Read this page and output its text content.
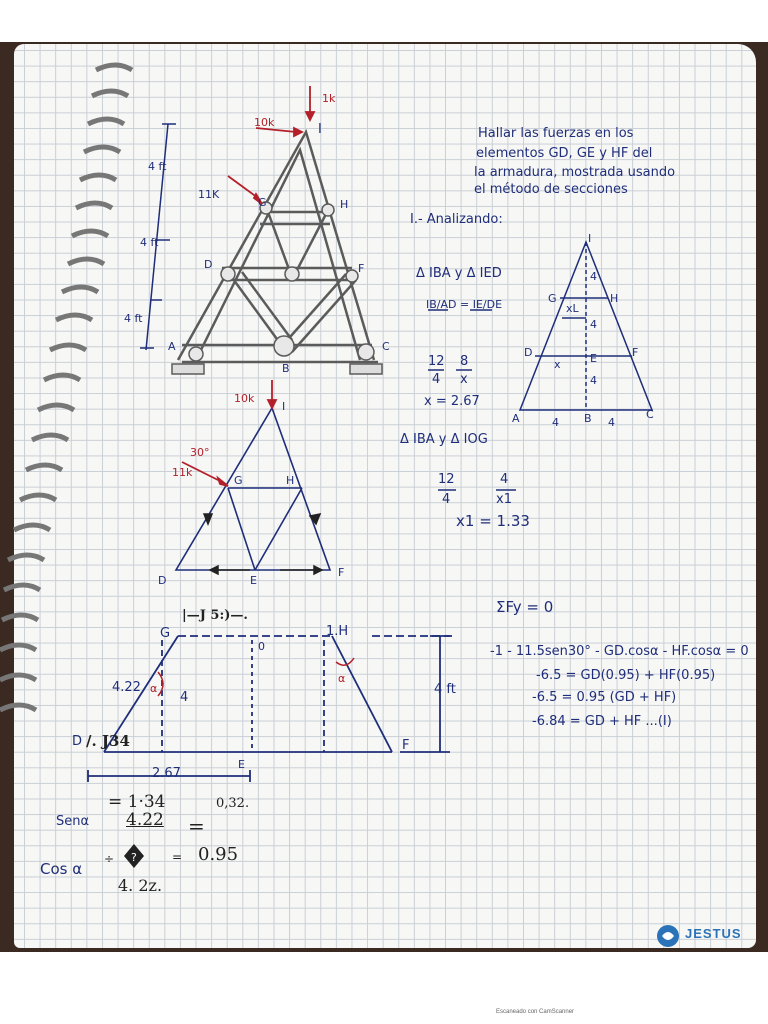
Hallar las fuerzas en los
elementos GD, GE y HF del
la armadura, mostrada usando
el método de secciones
I
G	H
D	F
A
B
C
1k
10k
11K
4 ft
4 ft
4 ft
I.- Analizando:
Δ IBA y Δ IED
IB/AD = IE/DE
12
4
8
x
x = 2.67
Δ IBA y Δ IOG
12
4
4
x1
x1 = 1.33
I
G	H
D	F
A	B	C
E
xL
x
4
4
4
4	4
I
G	H
D	E
F
10k
11k
30°
ΣFy = 0
-1 - 11.5sen30° - GD.cosα - HF.cosα = 0
-6.5 = GD(0.95) + HF(0.95)
-6.5 = 0.95 (GD + HF)
-6.84 = GD + HF ...(I)
G
|—J 5:)—.
1.H
0
4.22
4
α
α
4 ft
D /. J34	F
E
2.67
= 1·34	0,32.
Senα 4.22 =
Cos α
÷ ?	= 0.95
4. 2z.
JESTUS
Escaneado con CamScanner
